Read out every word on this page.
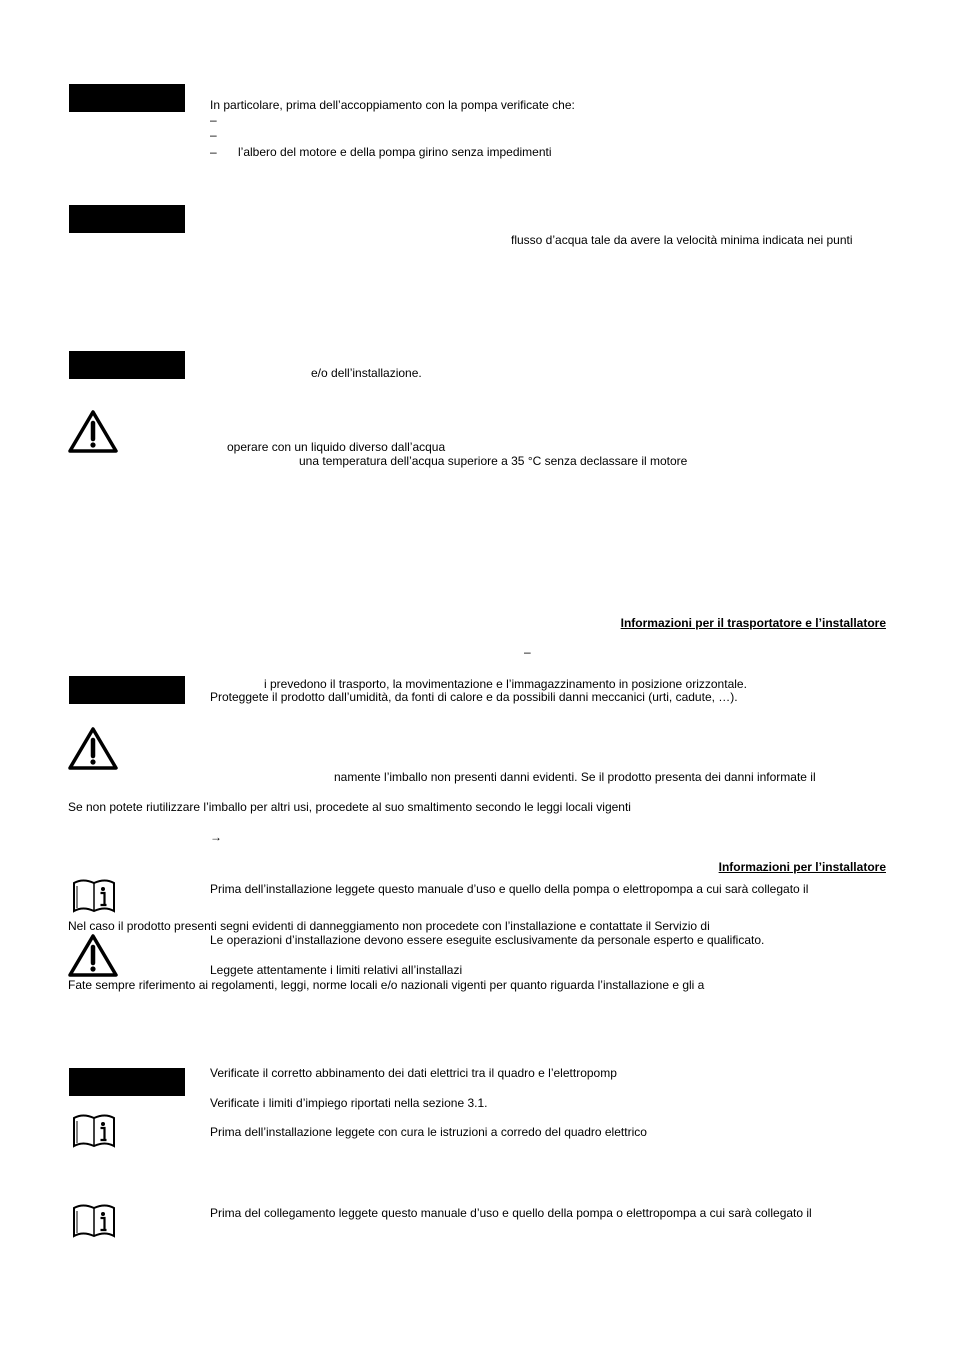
In particolare, prima dell’accoppiamento con la pompa verificate che:
–
–
– l’albero del motore e della pompa girino senza impedimenti
flusso d’acqua tale da avere la velocità minima indicata nei punti
e/o dell’installazione.
operare con un liquido diverso dall’acqua
una temperatura dell’acqua superiore a 35 °C senza declassare il motore
Informazioni per il trasportatore e l’installatore
–
i prevedono il trasporto, la movimentazione e l’immagazzinamento in posizione orizzontale.
Proteggete il prodotto dall’umidità, da fonti di calore e da possibili danni meccanici (urti, cadute, …).
namente l’imballo non presenti danni evidenti. Se il prodotto presenta dei danni informate il
Se non potete riutilizzare l’imballo per altri usi, procedete al suo smaltimento secondo le leggi locali vigenti
→
Informazioni per l’installatore
Prima dell’installazione leggete questo manuale d’uso e quello della pompa o elettropompa a cui sarà collegato il
Nel caso il prodotto presenti segni evidenti di danneggiamento non procedete con l’installazione e contattate il Servizio di
Le operazioni d’installazione devono essere eseguite esclusivamente da personale esperto e qualificato.
Leggete attentamente i limiti relativi all’installazi
Fate sempre riferimento ai regolamenti, leggi, norme locali e/o nazionali vigenti per quanto riguarda l’installazione e gli a
Verificate il corretto abbinamento dei dati elettrici tra il quadro e l’elettropomp
Verificate i limiti d’impiego riportati nella sezione 3.1.
Prima dell’installazione leggete con cura le istruzioni a corredo del quadro elettrico
Prima del collegamento leggete questo manuale d’uso e quello della pompa o elettropompa a cui sarà collegato il
